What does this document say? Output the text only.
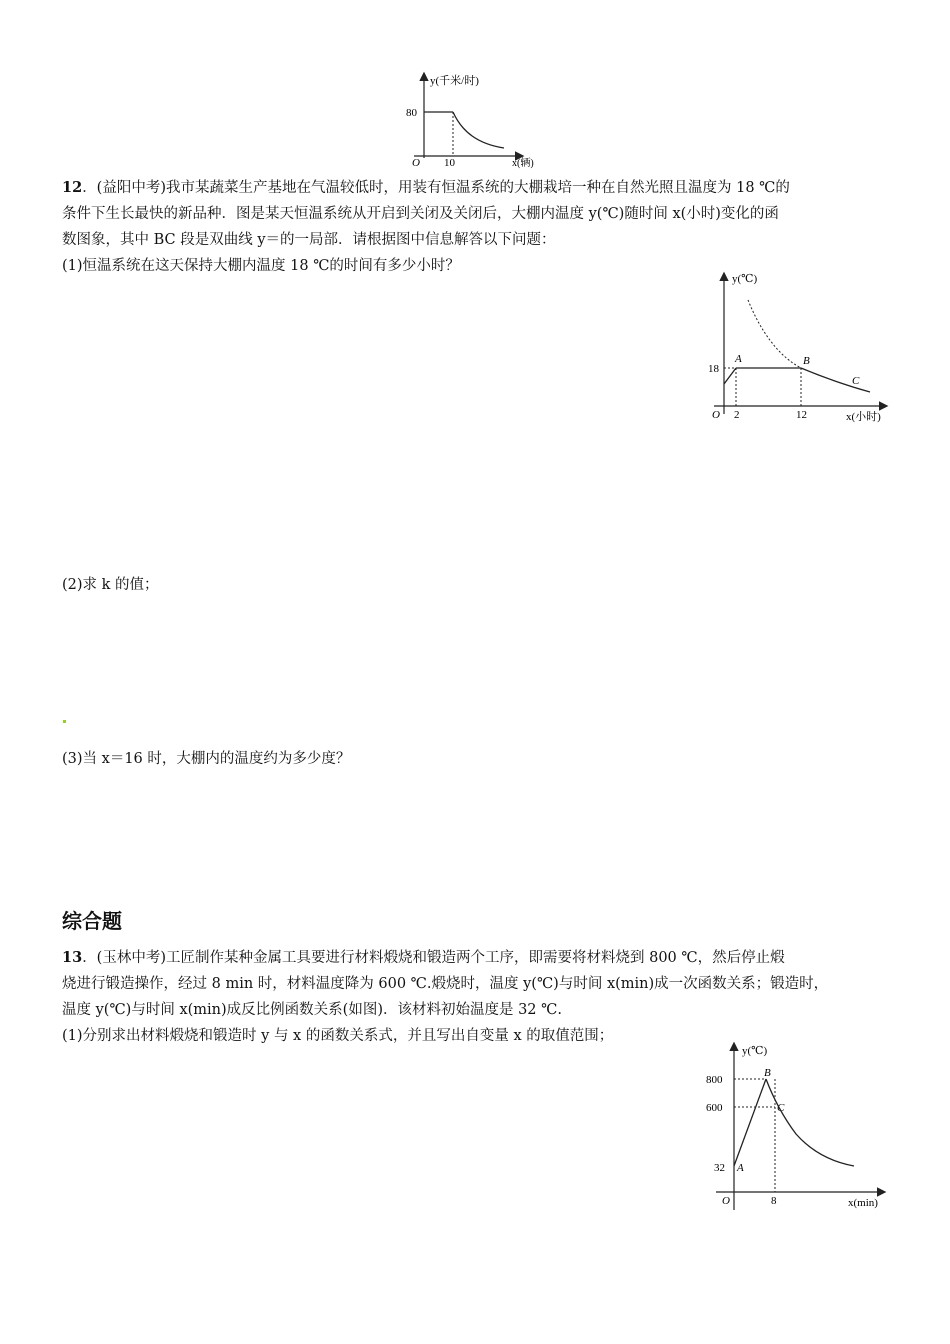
y(千米/时)
80
O 10	x(辆)
12．(益阳中考)我市某蔬菜生产基地在气温较低时，用装有恒温系统的大棚栽培一种在自然光照且温度为 18 ℃的
条件下生长最快的新品种．图是某天恒温系统从开启到关闭及关闭后，大棚内温度 y(℃)随时间 x(小时)变化的函
数图象，其中 BC 段是双曲线 y＝的一局部．请根据图中信息解答以下问题：
(1)恒温系统在这天保持大棚内温度 18 ℃的时间有多少小时？
y(℃)
18
O 2	12	x(小时)
A	B
C
(2)求 k 的值；
(3)当 x＝16 时，大棚内的温度约为多少度？
综合题
13．(玉林中考)工匠制作某种金属工具要进行材料煅烧和锻造两个工序，即需要将材料烧到 800 ℃，然后停止煅
烧进行锻造操作，经过 8 min 时，材料温度降为 600 ℃.煅烧时，温度 y(℃)与时间 x(min)成一次函数关系；锻造时，
温度 y(℃)与时间 x(min)成反比例函数关系(如图)．该材料初始温度是 32 ℃.
(1)分别求出材料煅烧和锻造时 y 与 x 的函数关系式，并且写出自变量 x 的取值范围；
y(℃)
800
600
32
O	8	x(min)
A
B
C
